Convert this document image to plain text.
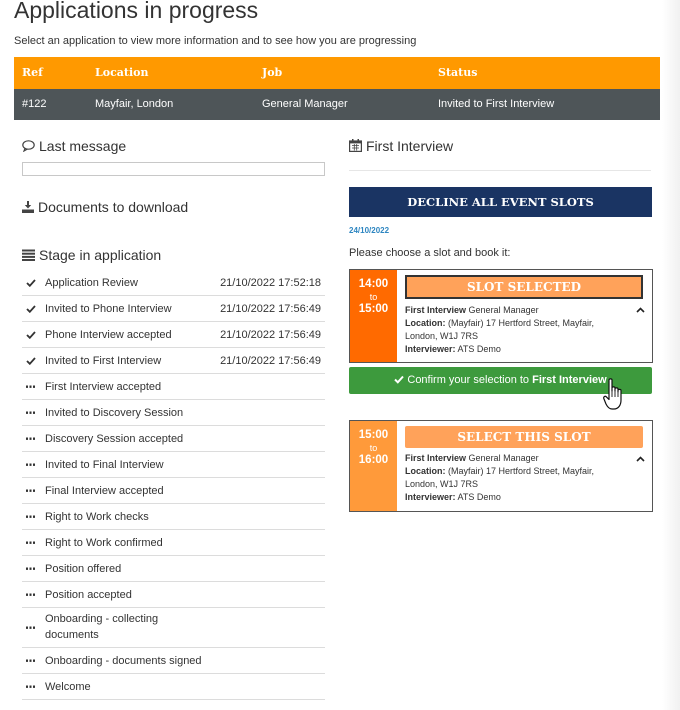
Applications in progress
Select an application to view more information and to see how you are progressing
Ref	Location	Job	Status
#122	Mayfair, London	General Manager	Invited to First Interview
Last message
Documents to download
Stage in application
Application Review	21/10/2022 17:52:18
Invited to Phone Interview	21/10/2022 17:56:49
Phone Interview accepted	21/10/2022 17:56:49
Invited to First Interview	21/10/2022 17:56:49
First Interview accepted
Invited to Discovery Session
Discovery Session accepted
Invited to Final Interview
Final Interview accepted
Right to Work checks
Right to Work confirmed
Position offered
Position accepted
Onboarding - collecting documents
Onboarding - documents signed
Welcome
First Interview
DECLINE ALL EVENT SLOTS
24/10/2022
Please choose a slot and book it:
14:00
to
15:00
SLOT SELECTED
First Interview General Manager
Location: (Mayfair) 17 Hertford Street, Mayfair, London, W1J 7RS
Interviewer: ATS Demo
Confirm your selection to First Interview
15:00
to
16:00
SELECT THIS SLOT
First Interview General Manager
Location: (Mayfair) 17 Hertford Street, Mayfair, London, W1J 7RS
Interviewer: ATS Demo
